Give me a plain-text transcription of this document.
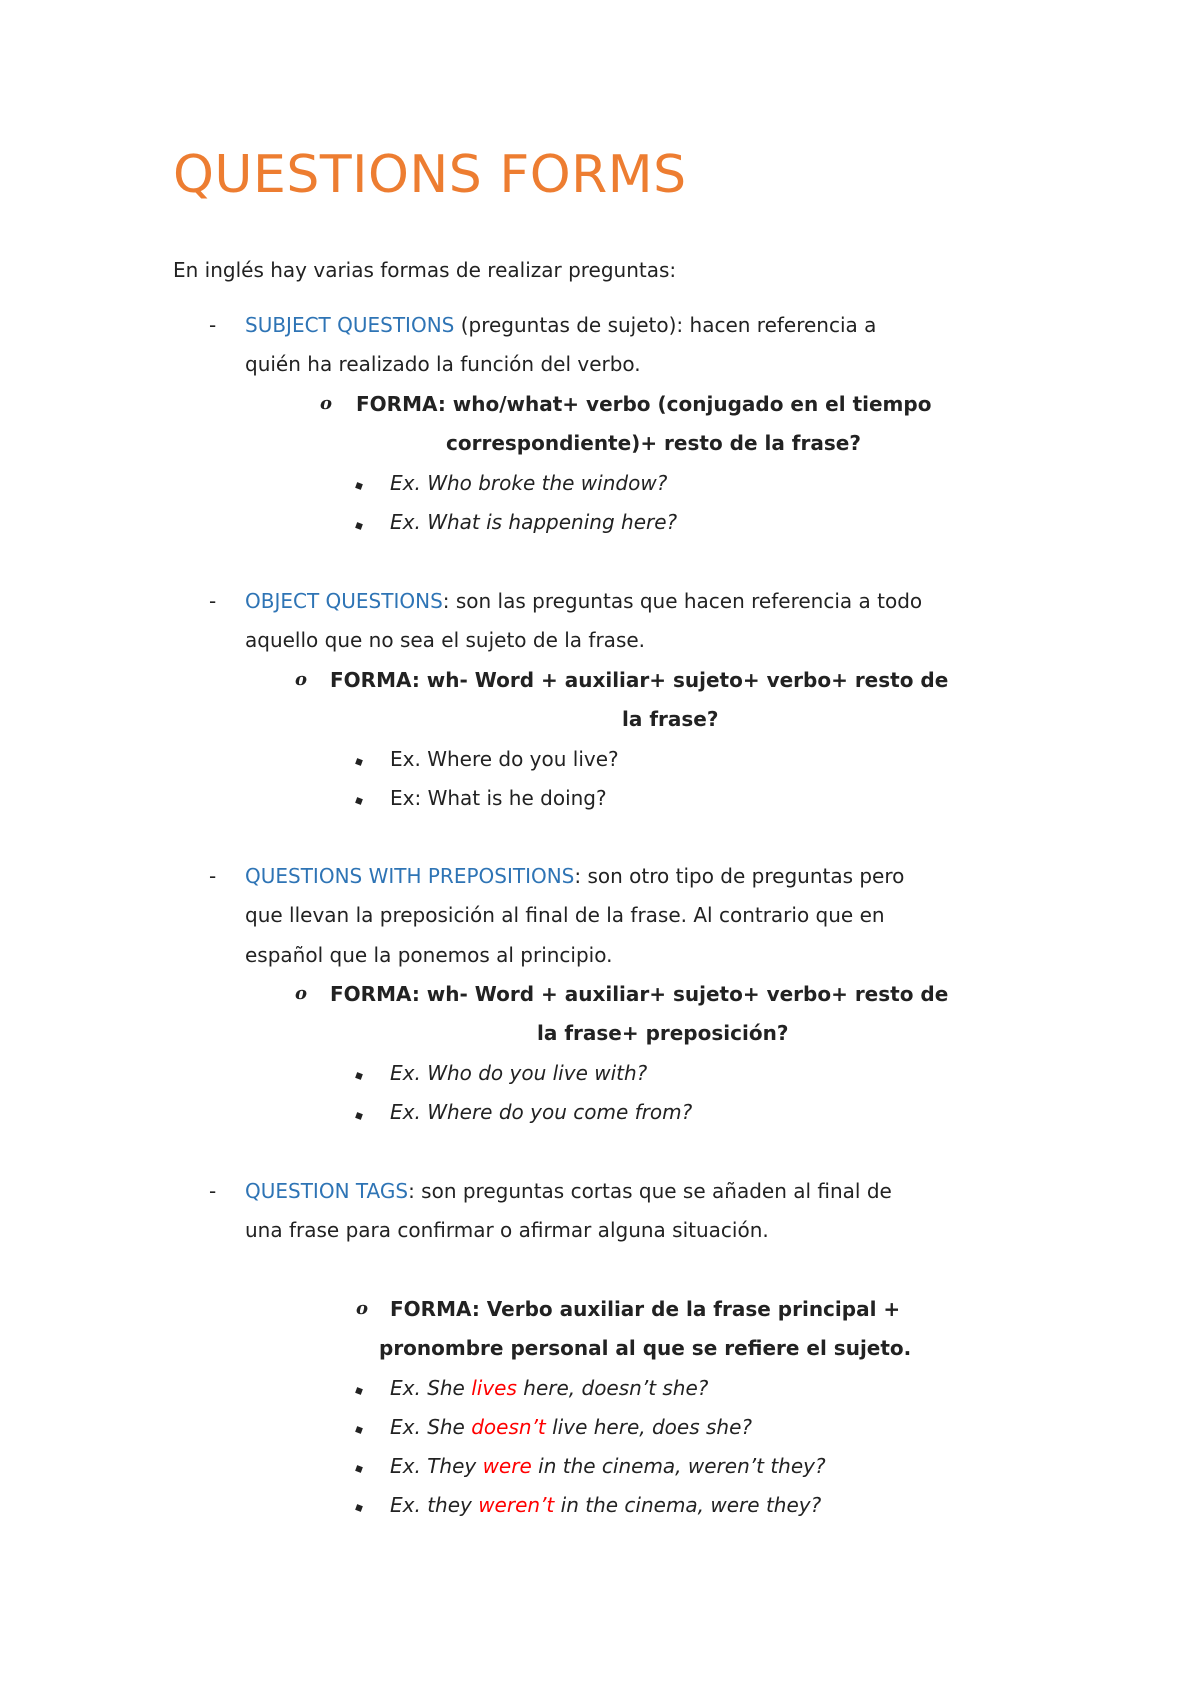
QUESTIONS FORMS
En inglés hay varias formas de realizar preguntas:
- SUBJECT QUESTIONS (preguntas de sujeto): hacen referencia a
quién ha realizado la función del verbo.
o FORMA: who/what+ verbo (conjugado en el tiempo
correspondiente)+ resto de la frase?
Ex. Who broke the window?
Ex. What is happening here?
- OBJECT QUESTIONS: son las preguntas que hacen referencia a todo
aquello que no sea el sujeto de la frase.
o FORMA: wh- Word + auxiliar+ sujeto+ verbo+ resto de
la frase?
Ex. Where do you live?
Ex: What is he doing?
- QUESTIONS WITH PREPOSITIONS: son otro tipo de preguntas pero
que llevan la preposición al final de la frase. Al contrario que en
español que la ponemos al principio.
o FORMA: wh- Word + auxiliar+ sujeto+ verbo+ resto de
la frase+ preposición?
Ex. Who do you live with?
Ex. Where do you come from?
- QUESTION TAGS: son preguntas cortas que se añaden al final de
una frase para confirmar o afirmar alguna situación.
o FORMA: Verbo auxiliar de la frase principal +
pronombre personal al que se refiere el sujeto.
Ex. She lives here, doesn’t she?
Ex. She doesn’t live here, does she?
Ex. They were in the cinema, weren’t they?
Ex. they weren’t in the cinema, were they?
